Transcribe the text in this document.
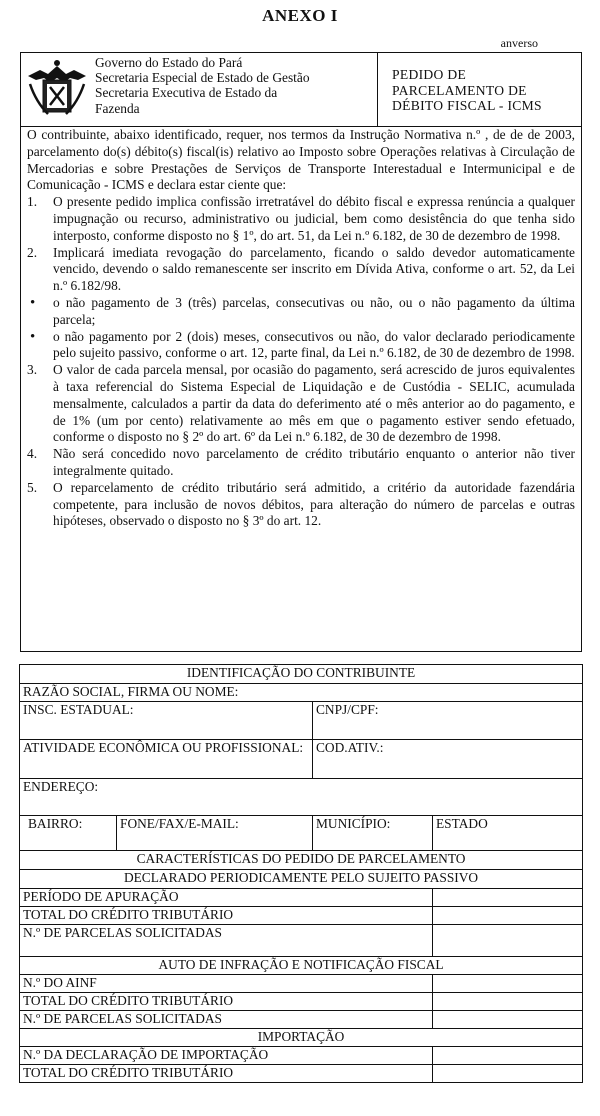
ANEXO I
anverso
Governo do Estado do Pará
Secretaria Especial de Estado de Gestão
Secretaria Executiva de Estado da
Fazenda
PEDIDO DE
PARCELAMENTO DE
DÉBITO FISCAL - ICMS

O contribuinte, abaixo identificado, requer, nos termos da Instrução Normativa n.º , de de de 2003, parcelamento do(s) débito(s) fiscal(is) relativo ao Imposto sobre Operações relativas à Circulação de Mercadorias e sobre Prestações de Serviços de Transporte Interestadual e Intermunicipal e de Comunicação - ICMS e declara estar ciente que:

1. O presente pedido implica confissão irretratável do débito fiscal e expressa renúncia a qualquer impugnação ou recurso, administrativo ou judicial, bem como desistência do que tenha sido interposto, conforme disposto no § 1º, do art. 51, da Lei n.º 6.182, de 30 de dezembro de 1998.
2. Implicará imediata revogação do parcelamento, ficando o saldo devedor automaticamente vencido, devendo o saldo remanescente ser inscrito em Dívida Ativa, conforme o art. 52, da Lei n.º 6.182/98.
• o não pagamento de 3 (três) parcelas, consecutivas ou não, ou o não pagamento da última parcela;
• o não pagamento por 2 (dois) meses, consecutivos ou não, do valor declarado periodicamente pelo sujeito passivo, conforme o art. 12, parte final, da Lei n.º 6.182, de 30 de dezembro de 1998.
3. O valor de cada parcela mensal, por ocasião do pagamento, será acrescido de juros equivalentes à taxa referencial do Sistema Especial de Liquidação e de Custódia - SELIC, acumulada mensalmente, calculados a partir da data do deferimento até o mês anterior ao do pagamento, e de 1% (um por cento) relativamente ao mês em que o pagamento estiver sendo efetuado, conforme o disposto no § 2º do art. 6º da Lei n.º 6.182, de 30 de dezembro de 1998.
4. Não será concedido novo parcelamento de crédito tributário enquanto o anterior não tiver integralmente quitado.
5. O reparcelamento de crédito tributário será admitido, a critério da autoridade fazendária competente, para inclusão de novos débitos, para alteração do número de parcelas e outras hipóteses, observado o disposto no § 3º do art. 12.
IDENTIFICAÇÃO DO CONTRIBUINTE			
RAZÃO SOCIAL, FIRMA OU NOME:			
INSC. ESTADUAL:		CNPJ/CPF:	
ATIVIDADE ECONÔMICA OU PROFISSIONAL:		COD.ATIV.:	
ENDEREÇO:			
BAIRRO:	FONE/FAX/E-MAIL:	MUNICÍPIO:	ESTADO
CARACTERÍSTICAS DO PEDIDO DE PARCELAMENTO			
DECLARADO PERIODICAMENTE PELO SUJEITO PASSIVO			
PERÍODO DE APURAÇÃO			
TOTAL DO CRÉDITO TRIBUTÁRIO			
N.º DE PARCELAS SOLICITADAS			
AUTO DE INFRAÇÃO E NOTIFICAÇÃO FISCAL			
N.º DO AINF			
TOTAL DO CRÉDITO TRIBUTÁRIO			
N.º DE PARCELAS SOLICITADAS			
IMPORTAÇÃO			
N.º DA DECLARAÇÃO DE IMPORTAÇÃO			
TOTAL DO CRÉDITO TRIBUTÁRIO			
